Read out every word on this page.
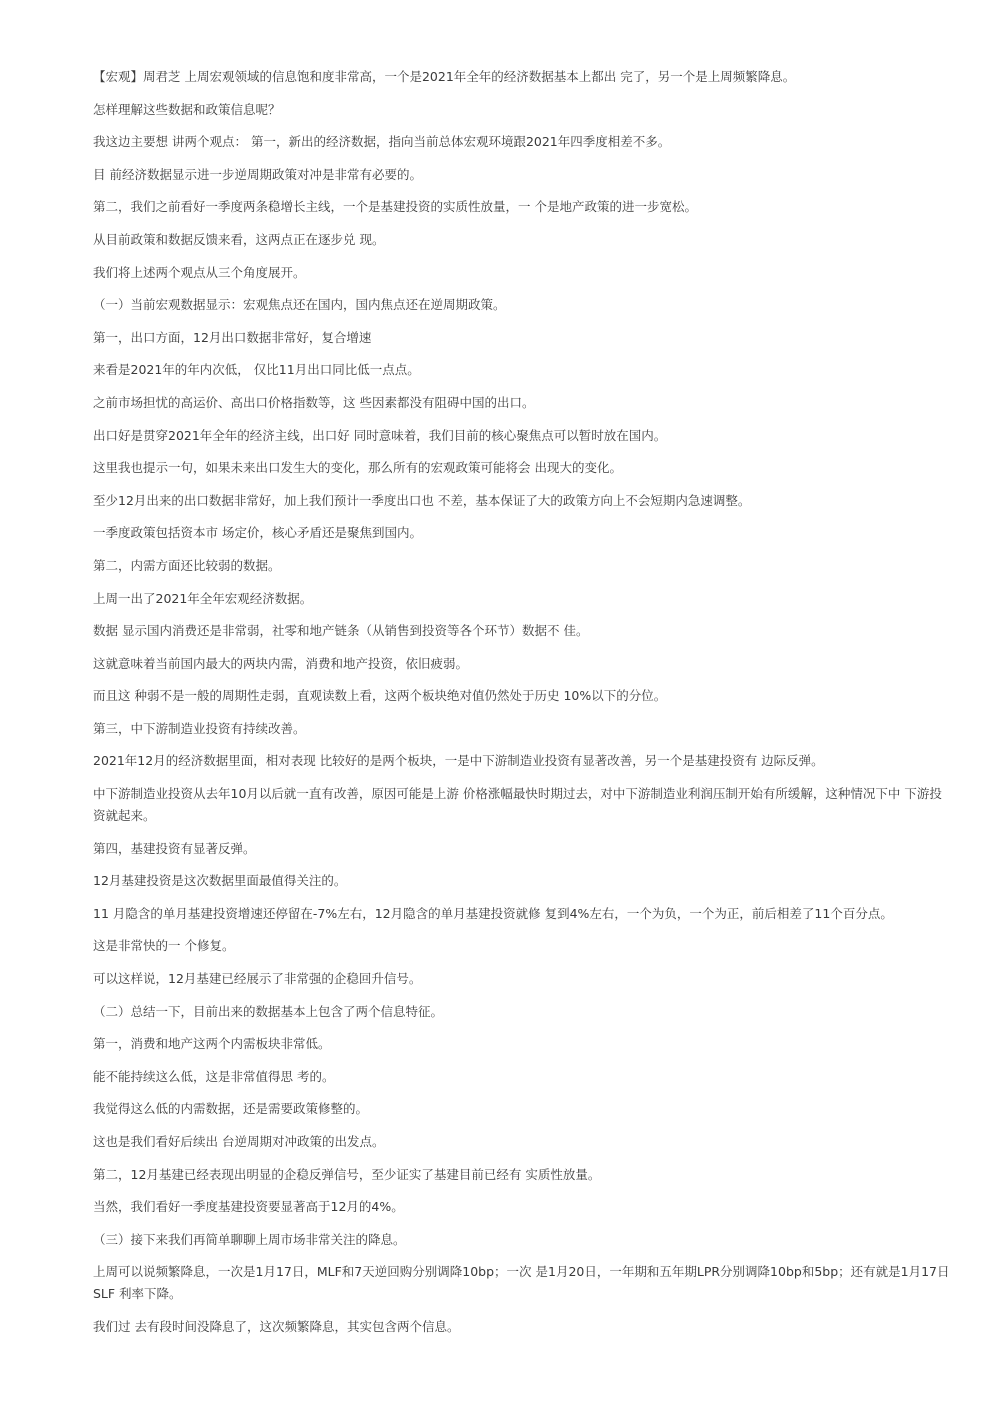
【宏观】周君芝 上周宏观领域的信息饱和度非常高，一个是2021年全年的经济数据基本上都出 完了，另一个是上周频繁降息。

怎样理解这些数据和政策信息呢？

我这边主要想 讲两个观点： 第一，新出的经济数据，指向当前总体宏观环境跟2021年四季度相差不多。

目 前经济数据显示进一步逆周期政策对冲是非常有必要的。

第二，我们之前看好一季度两条稳增长主线，一个是基建投资的实质性放量，一 个是地产政策的进一步宽松。

从目前政策和数据反馈来看，这两点正在逐步兑 现。

我们将上述两个观点从三个角度展开。

（一）当前宏观数据显示：宏观焦点还在国内，国内焦点还在逆周期政策。

第一，出口方面，12月出口数据非常好，复合增速

来看是2021年的年内次低， 仅比11月出口同比低一点点。

之前市场担忧的高运价、高出口价格指数等，这 些因素都没有阻碍中国的出口。

出口好是贯穿2021年全年的经济主线，出口好 同时意味着，我们目前的核心聚焦点可以暂时放在国内。

这里我也提示一句，如果未来出口发生大的变化，那么所有的宏观政策可能将会 出现大的变化。

至少12月出来的出口数据非常好，加上我们预计一季度出口也 不差，基本保证了大的政策方向上不会短期内急速调整。

一季度政策包括资本市 场定价，核心矛盾还是聚焦到国内。

第二，内需方面还比较弱的数据。

上周一出了2021年全年宏观经济数据。

数据 显示国内消费还是非常弱，社零和地产链条（从销售到投资等各个环节）数据不 佳。

这就意味着当前国内最大的两块内需，消费和地产投资，依旧疲弱。

而且这 种弱不是一般的周期性走弱，直观读数上看，这两个板块绝对值仍然处于历史 10%以下的分位。

第三，中下游制造业投资有持续改善。

2021年12月的经济数据里面，相对表现 比较好的是两个板块，一是中下游制造业投资有显著改善，另一个是基建投资有 边际反弹。

中下游制造业投资从去年10月以后就一直有改善，原因可能是上游 价格涨幅最快时期过去，对中下游制造业利润压制开始有所缓解，这种情况下中 下游投资就起来。

第四，基建投资有显著反弹。

12月基建投资是这次数据里面最值得关注的。

11 月隐含的单月基建投资增速还停留在-7%左右，12月隐含的单月基建投资就修 复到4%左右，一个为负，一个为正，前后相差了11个百分点。

这是非常快的一 个修复。

可以这样说，12月基建已经展示了非常强的企稳回升信号。

（二）总结一下，目前出来的数据基本上包含了两个信息特征。

第一，消费和地产这两个内需板块非常低。

能不能持续这么低，这是非常值得思 考的。

我觉得这么低的内需数据，还是需要政策修整的。

这也是我们看好后续出 台逆周期对冲政策的出发点。

第二，12月基建已经表现出明显的企稳反弹信号，至少证实了基建目前已经有 实质性放量。

当然，我们看好一季度基建投资要显著高于12月的4%。

（三）接下来我们再简单聊聊上周市场非常关注的降息。

上周可以说频繁降息，一次是1月17日，MLF和7天逆回购分别调降10bp；一次 是1月20日，一年期和五年期LPR分别调降10bp和5bp；还有就是1月17日SLF 利率下降。

我们过 去有段时间没降息了，这次频繁降息，其实包含两个信息。
